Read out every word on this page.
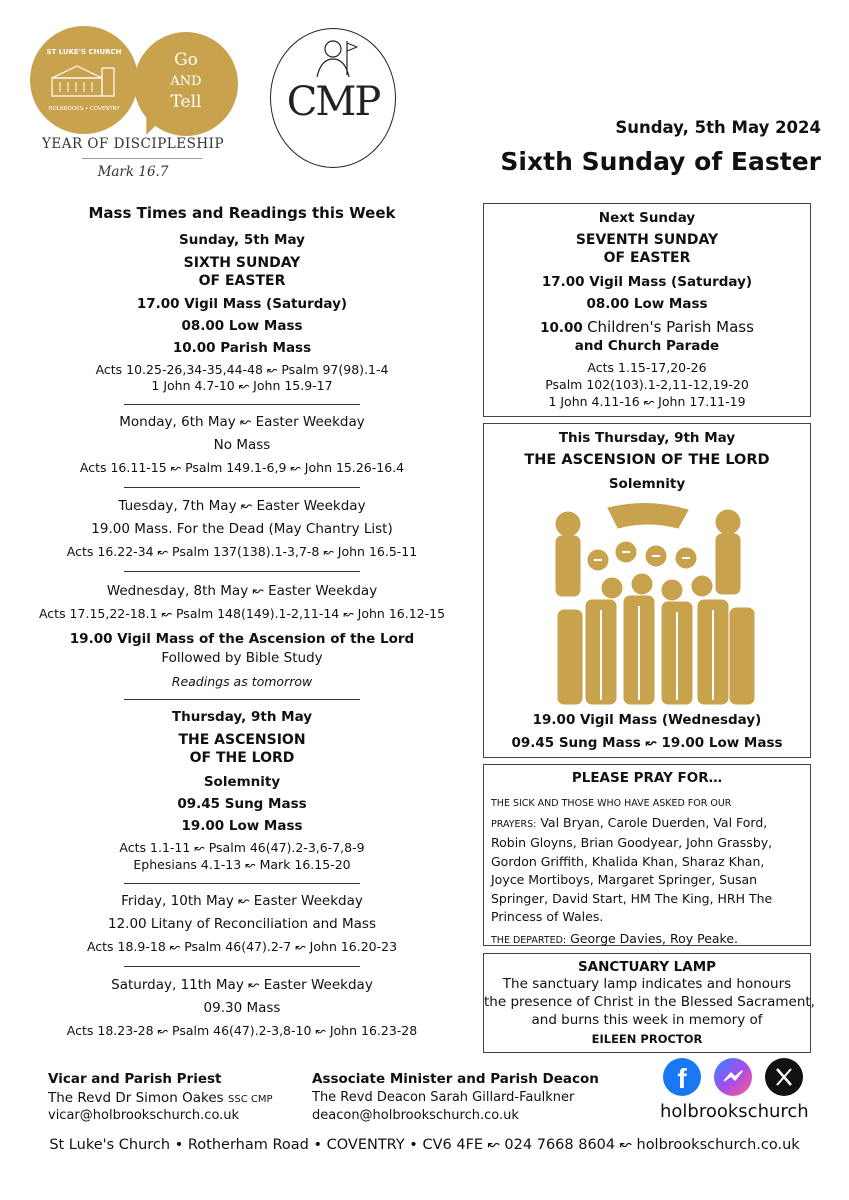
ST LUKE'S CHURCH
HOLBROOKS • COVENTRY
Go
AND
Tell
YEAR OF DISCIPLESHIP
Mark 16.7
CMP
Sunday, 5th May 2024
Sixth Sunday of Easter
Mass Times and Readings this Week
Sunday, 5th May
SIXTH SUNDAY
OF EASTER
17.00 Vigil Mass (Saturday)
08.00 Low Mass
10.00 Parish Mass
Acts 10.25-26,34-35,44-48 ↜ Psalm 97(98).1-4
1 John 4.7-10 ↜ John 15.9-17
Monday, 6th May ↜ Easter Weekday
No Mass
Acts 16.11-15 ↜ Psalm 149.1-6,9 ↜ John 15.26-16.4
Tuesday, 7th May ↜ Easter Weekday
19.00 Mass. For the Dead (May Chantry List)
Acts 16.22-34 ↜ Psalm 137(138).1-3,7-8 ↜ John 16.5-11
Wednesday, 8th May ↜ Easter Weekday
Acts 17.15,22-18.1 ↜ Psalm 148(149).1-2,11-14 ↜ John 16.12-15
19.00 Vigil Mass of the Ascension of the Lord
Followed by Bible Study
Readings as tomorrow
Thursday, 9th May
THE ASCENSION
OF THE LORD
Solemnity
09.45 Sung Mass
19.00 Low Mass
Acts 1.1-11 ↜ Psalm 46(47).2-3,6-7,8-9
Ephesians 4.1-13 ↜ Mark 16.15-20
Friday, 10th May ↜ Easter Weekday
12.00 Litany of Reconciliation and Mass
Acts 18.9-18 ↜ Psalm 46(47).2-7 ↜ John 16.20-23
Saturday, 11th May ↜ Easter Weekday
09.30 Mass
Acts 18.23-28 ↜ Psalm 46(47).2-3,8-10 ↜ John 16.23-28
Next Sunday
SEVENTH SUNDAY
OF EASTER
17.00 Vigil Mass (Saturday)
08.00 Low Mass
10.00 Children's Parish Mass
and Church Parade
Acts 1.15-17,20-26
Psalm 102(103).1-2,11-12,19-20
1 John 4.11-16 ↜ John 17.11-19
This Thursday, 9th May
THE ASCENSION OF THE LORD
Solemnity
19.00 Vigil Mass (Wednesday)
09.45 Sung Mass ↜ 19.00 Low Mass
PLEASE PRAY FOR…
THE SICK AND THOSE WHO HAVE ASKED FOR OUR
PRAYERS: Val Bryan, Carole Duerden, Val Ford,
Robin Gloyns, Brian Goodyear, John Grassby,
Gordon Griffith, Khalida Khan, Sharaz Khan,
Joyce Mortiboys, Margaret Springer, Susan
Springer, David Start, HM The King, HRH The
Princess of Wales.
THE DEPARTED: George Davies, Roy Peake.
SANCTUARY LAMP
The sanctuary lamp indicates and honours
the presence of Christ in the Blessed Sacrament,
and burns this week in memory of
EILEEN PROCTOR
Vicar and Parish Priest
The Revd Dr Simon Oakes SSC CMP
vicar@holbrookschurch.co.uk
Associate Minister and Parish Deacon
The Revd Deacon Sarah Gillard-Faulkner
deacon@holbrookschurch.co.uk
f
holbrookschurch
St Luke's Church • Rotherham Road • COVENTRY • CV6 4FE ↜ 024 7668 8604 ↜ holbrookschurch.co.uk
